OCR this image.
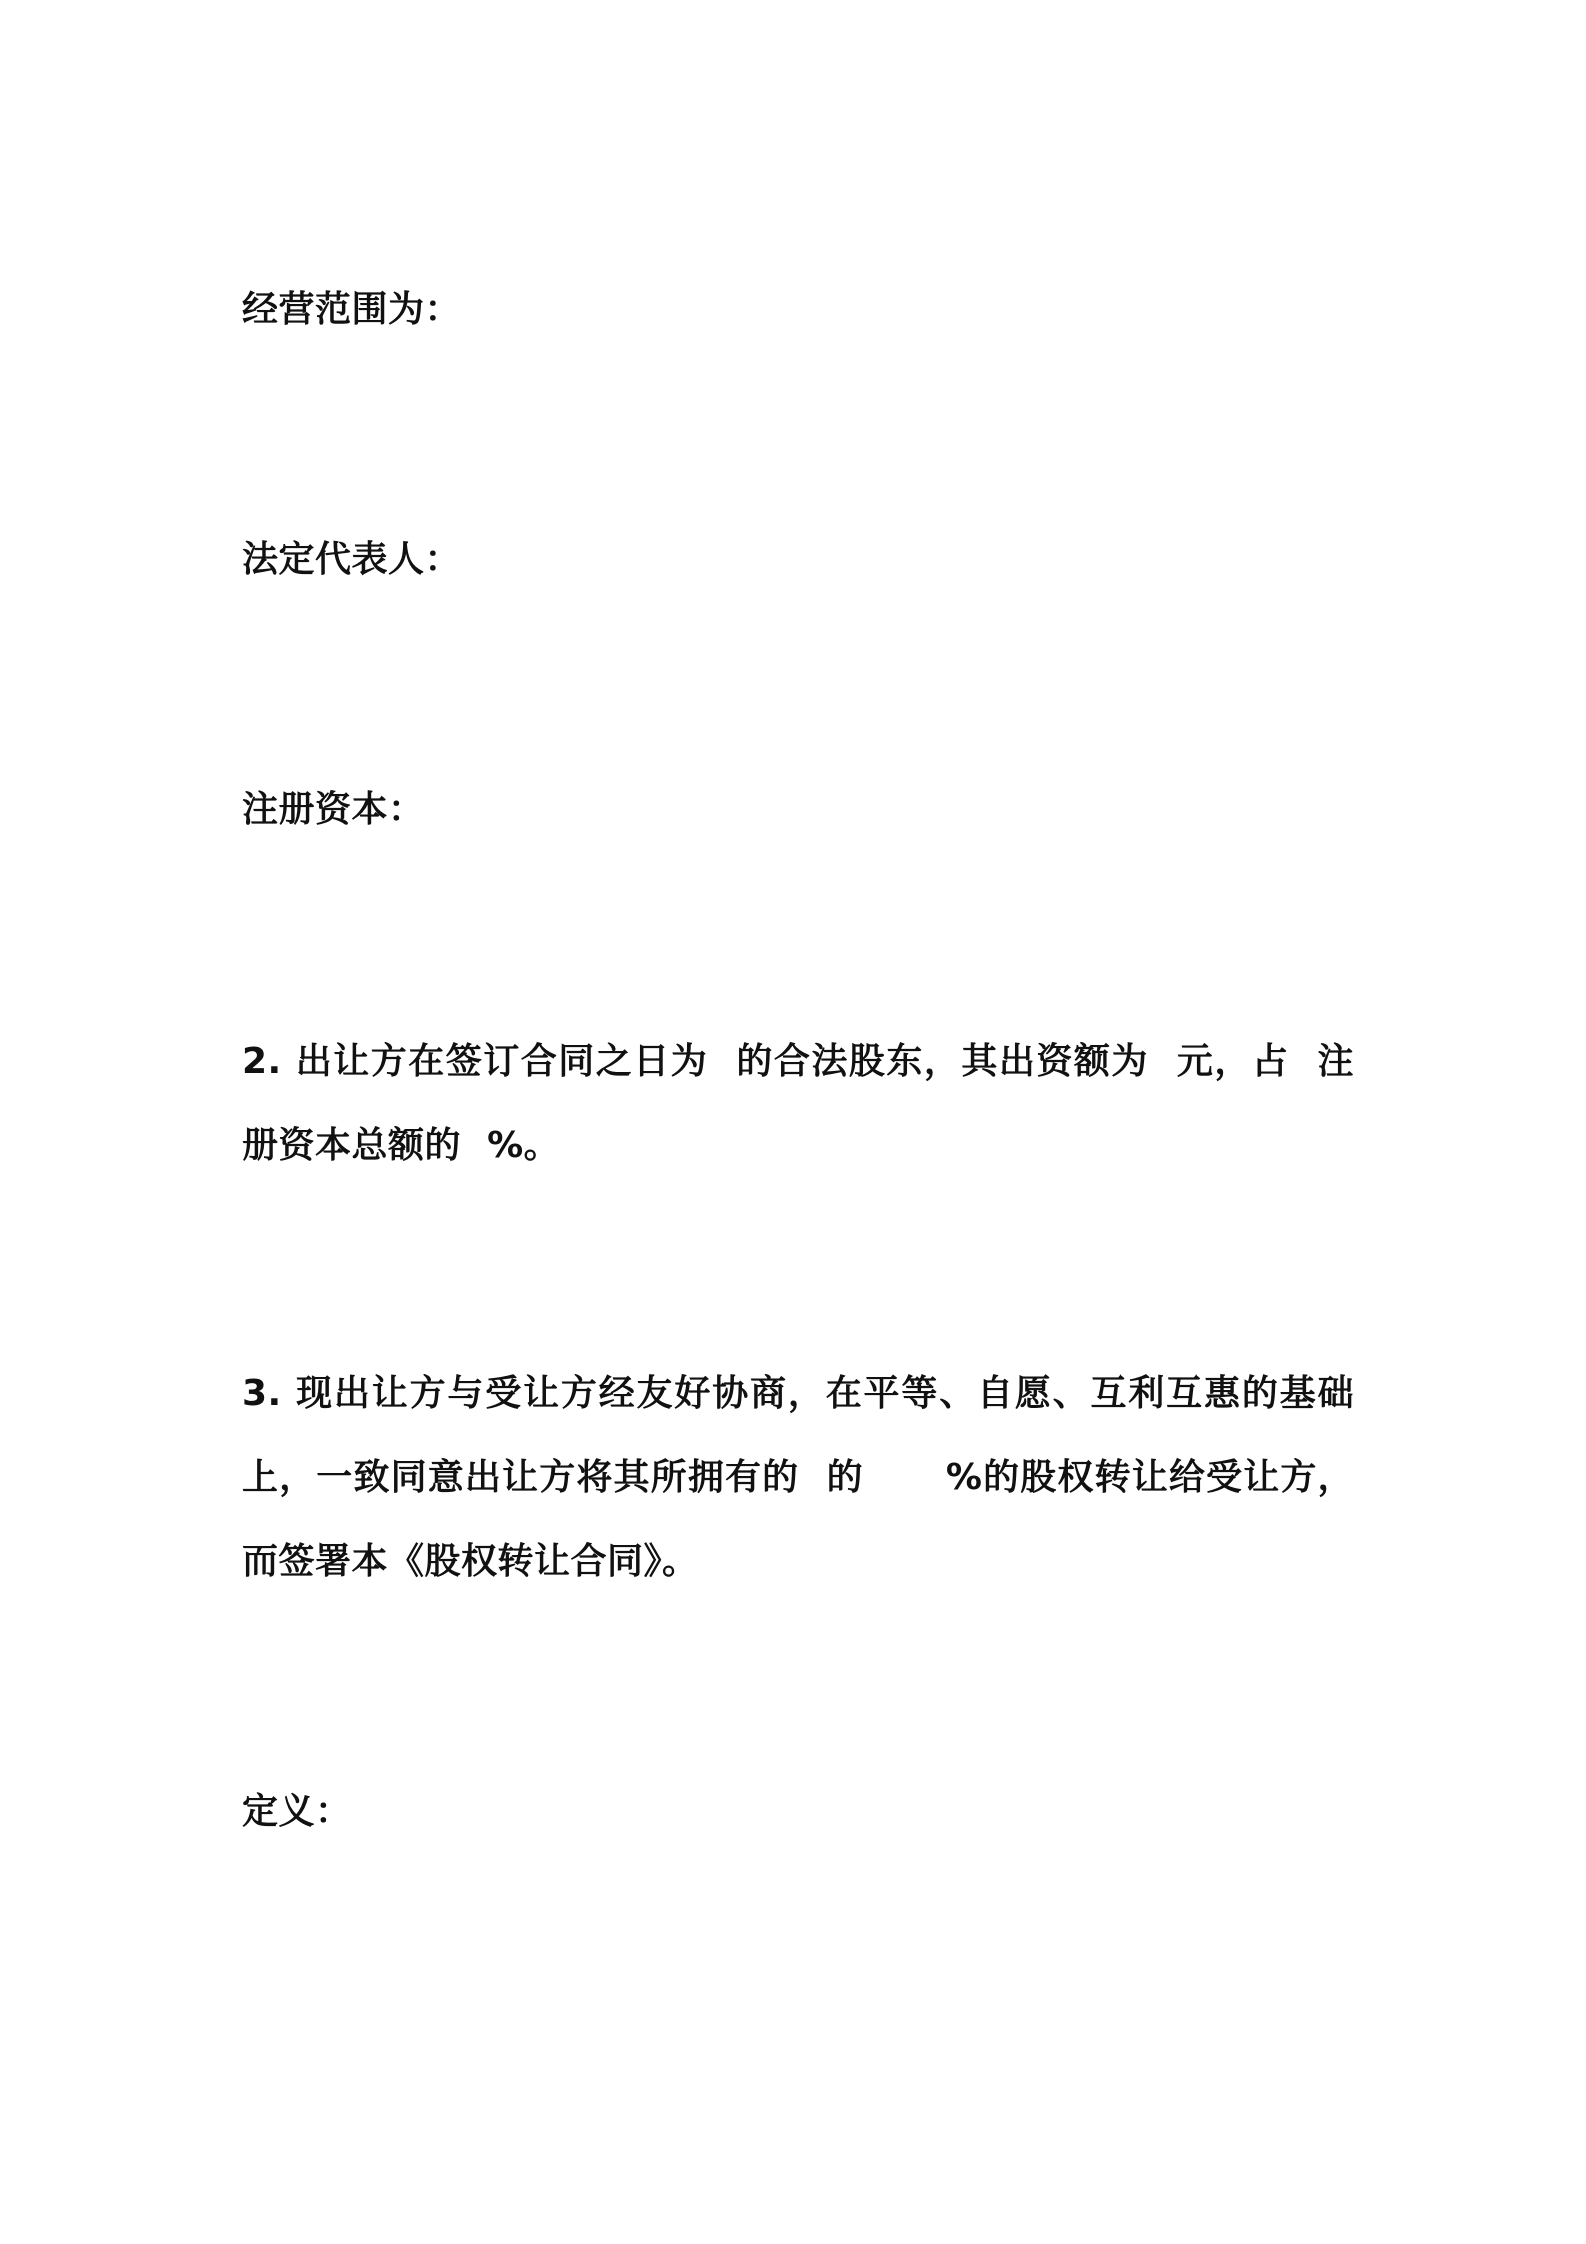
经营范围为：

法定代表人：

注册资本：

2. 出让方在签订合同之日为  的合法股东，其出资额为  元，占  注册资本总额的  %。

3. 现出让方与受让方经友好协商，在平等、自愿、互利互惠的基础上，一致同意出让方将其所拥有的  的      %的股权转让给受让方，而签署本《股权转让合同》。

定义：
